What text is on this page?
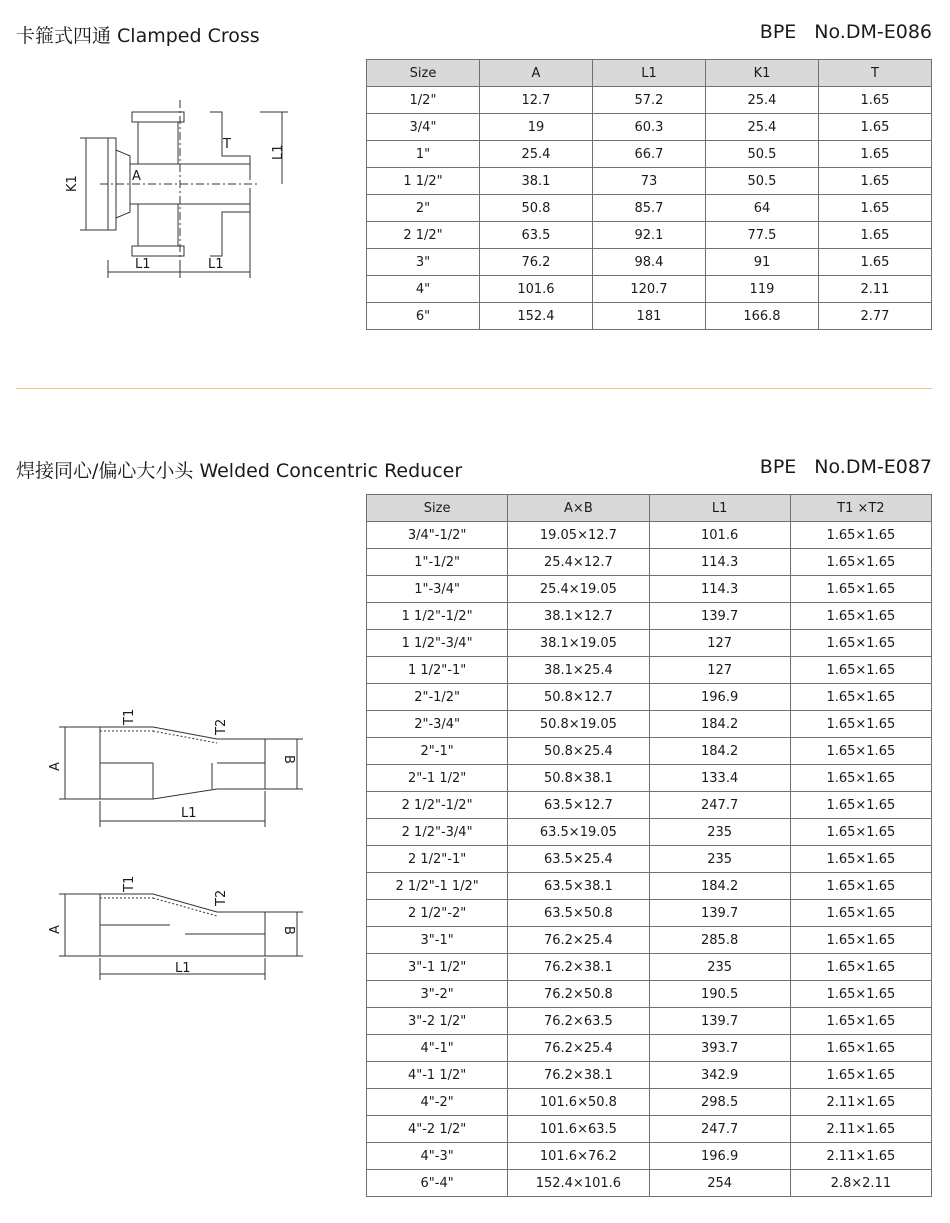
卡箍式四通 Clamped Cross	BPE No.DM-E086
K1	A
T	L1
L1	L1
Size	A	L1	K1	T
1/2"	12.7	57.2	25.4	1.65
3/4"	19	60.3	25.4	1.65
1"	25.4	66.7	50.5	1.65
1 1/2"	38.1	73	50.5	1.65
2"	50.8	85.7	64	1.65
2 1/2"	63.5	92.1	77.5	1.65
3"	76.2	98.4	91	1.65
4"	101.6	120.7	119	2.11
6"	152.4	181	166.8	2.77
焊接同心/偏心大小头 Welded Concentric Reducer	BPE No.DM-E087
T1
T2
A
B
L1
T1
T2
A	B
L1
Size	A×B	L1	T1 ×T2
3/4"-1/2"	19.05×12.7	101.6	1.65×1.65
1"-1/2"	25.4×12.7	114.3	1.65×1.65
1"-3/4"	25.4×19.05	114.3	1.65×1.65
1 1/2"-1/2"	38.1×12.7	139.7	1.65×1.65
1 1/2"-3/4"	38.1×19.05	127	1.65×1.65
1 1/2"-1"	38.1×25.4	127	1.65×1.65
2"-1/2"	50.8×12.7	196.9	1.65×1.65
2"-3/4"	50.8×19.05	184.2	1.65×1.65
2"-1"	50.8×25.4	184.2	1.65×1.65
2"-1 1/2"	50.8×38.1	133.4	1.65×1.65
2 1/2"-1/2"	63.5×12.7	247.7	1.65×1.65
2 1/2"-3/4"	63.5×19.05	235	1.65×1.65
2 1/2"-1"	63.5×25.4	235	1.65×1.65
2 1/2"-1 1/2"	63.5×38.1	184.2	1.65×1.65
2 1/2"-2"	63.5×50.8	139.7	1.65×1.65
3"-1"	76.2×25.4	285.8	1.65×1.65
3"-1 1/2"	76.2×38.1	235	1.65×1.65
3"-2"	76.2×50.8	190.5	1.65×1.65
3"-2 1/2"	76.2×63.5	139.7	1.65×1.65
4"-1"	76.2×25.4	393.7	1.65×1.65
4"-1 1/2"	76.2×38.1	342.9	1.65×1.65
4"-2"	101.6×50.8	298.5	2.11×1.65
4"-2 1/2"	101.6×63.5	247.7	2.11×1.65
4"-3"	101.6×76.2	196.9	2.11×1.65
6"-4"	152.4×101.6	254	2.8×2.11
